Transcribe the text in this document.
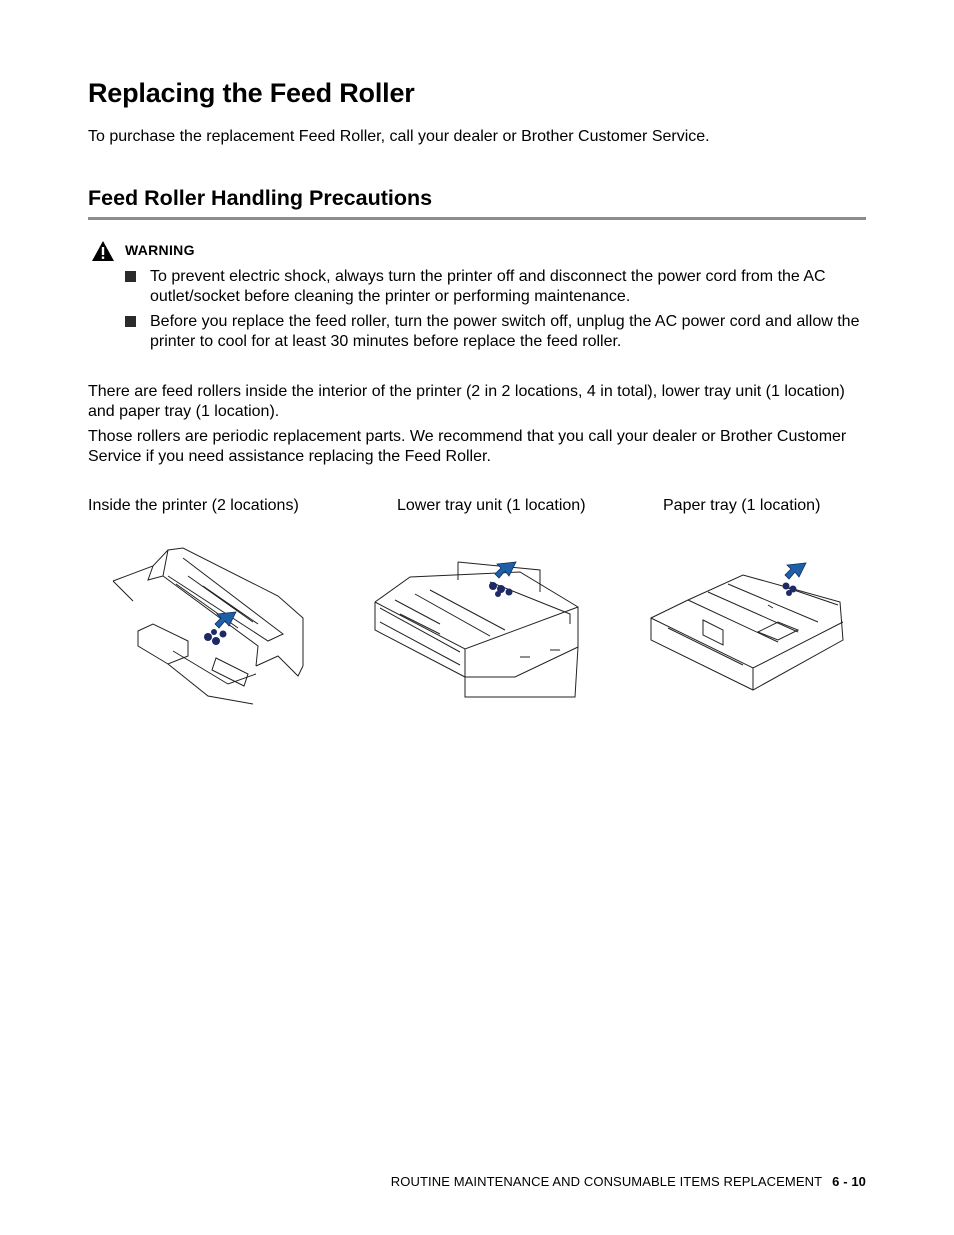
Replacing the Feed Roller

To purchase the replacement Feed Roller, call your dealer or Brother Customer Service.

Feed Roller Handling Precautions
WARNING
To prevent electric shock, always turn the printer off and disconnect the power cord from the AC outlet/socket before cleaning the printer or performing maintenance.
Before you replace the feed roller, turn the power switch off, unplug the AC power cord and allow the printer to cool for at least 30 minutes before replace the feed roller.

There are feed rollers inside the interior of the printer (2 in 2 locations, 4 in total), lower tray unit (1 location) and paper tray (1 location).

Those rollers are periodic replacement parts. We recommend that you call your dealer or Brother Customer Service if you need assistance replacing the Feed Roller.

Inside the printer (2 locations)	Lower tray unit (1 location)	Paper tray (1 location)

ROUTINE MAINTENANCE AND CONSUMABLE ITEMS REPLACEMENT 6 - 10
